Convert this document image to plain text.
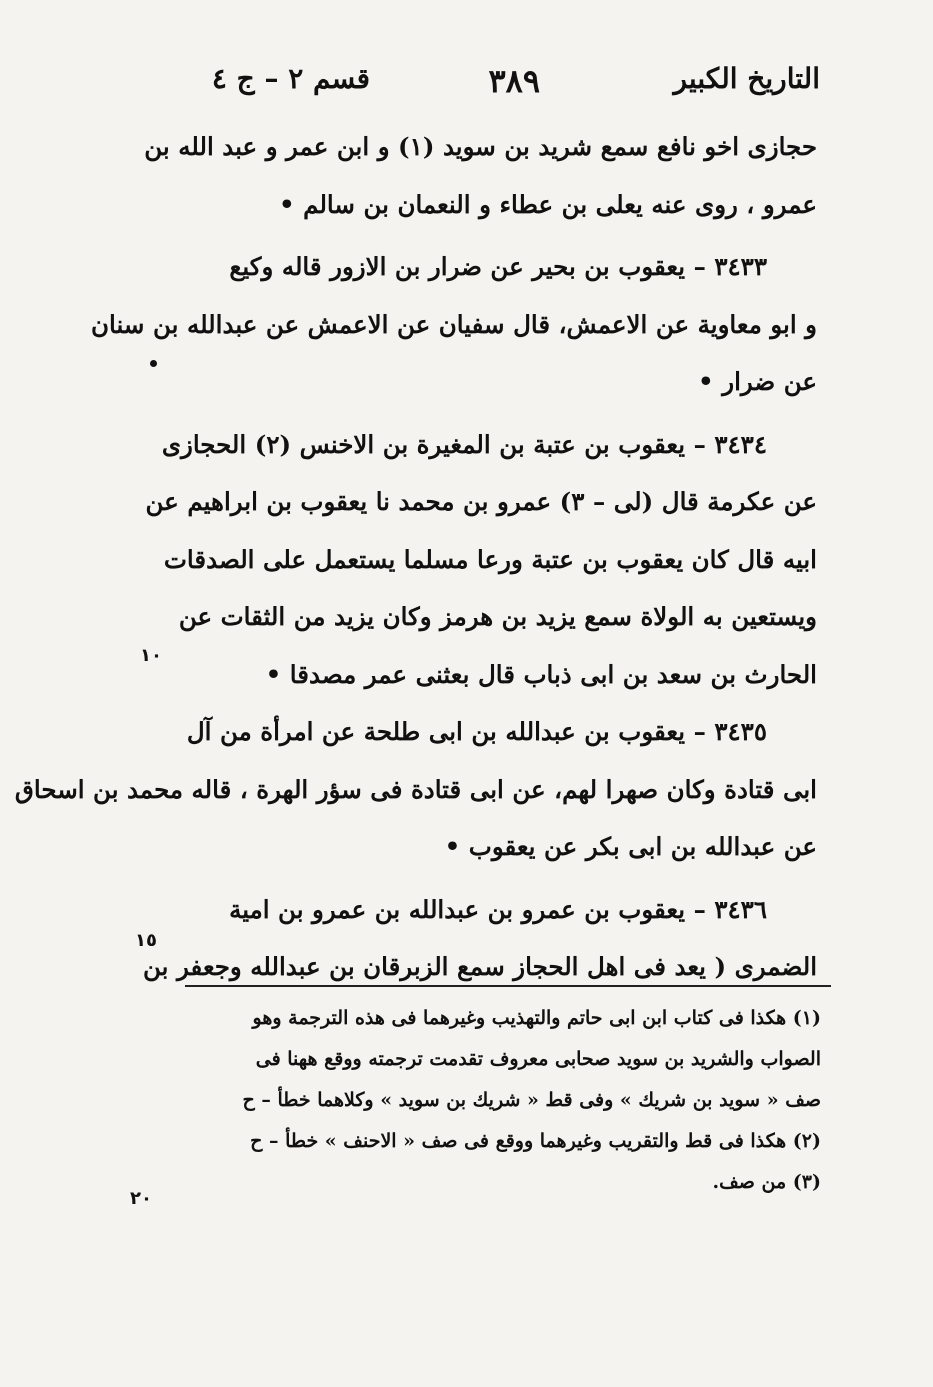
التاريخ الكبير
٣٨٩
قسم ٢ – ج ٤
حجازى اخو نافع سمع شريد بن سويد (١) و ابن عمر و عبد الله بن
عمرو ، روى عنه يعلى بن عطاء و النعمان بن سالم •
٣٤٣٣ – يعقوب بن بحير عن ضرار بن الازور قاله وكيع
و ابو معاوية عن الاعمش، قال سفيان عن الاعمش عن عبدالله بن سنان
عن ضرار •
٣٤٣٤ – يعقوب بن عتبة بن المغيرة بن الاخنس (٢) الحجازى
عن عكرمة قال (لى – ٣) عمرو بن محمد نا يعقوب بن ابراهيم عن
ابيه قال كان يعقوب بن عتبة ورعا مسلما يستعمل على الصدقات
ويستعين به الولاة سمع يزيد بن هرمز وكان يزيد من الثقات عن
الحارث بن سعد بن ابى ذباب قال بعثنى عمر مصدقا •
٣٤٣٥ – يعقوب بن عبدالله بن ابى طلحة عن امرأة من آل
ابى قتادة وكان صهرا لهم، عن ابى قتادة فى سؤر الهرة ، قاله محمد بن اسحاق
عن عبدالله بن ابى بكر عن يعقوب •
٣٤٣٦ – يعقوب بن عمرو بن عبدالله بن عمرو بن امية
الضمرى ( يعد فى اهل الحجاز سمع الزبرقان بن عبدالله وجعفر بن
(١) هكذا فى كتاب ابن ابى حاتم والتهذيب وغيرهما فى هذه الترجمة وهو
الصواب والشريد بن سويد صحابى معروف تقدمت ترجمته ووقع ههنا فى
صف « سويد بن شريك » وفى قط « شريك بن سويد » وكلاهما خطأ – ح
(٢) هكذا فى قط والتقريب وغيرهما ووقع فى صف « الاحنف » خطأ – ح
(٣) من صف.
١٠
١٥
٢٠
